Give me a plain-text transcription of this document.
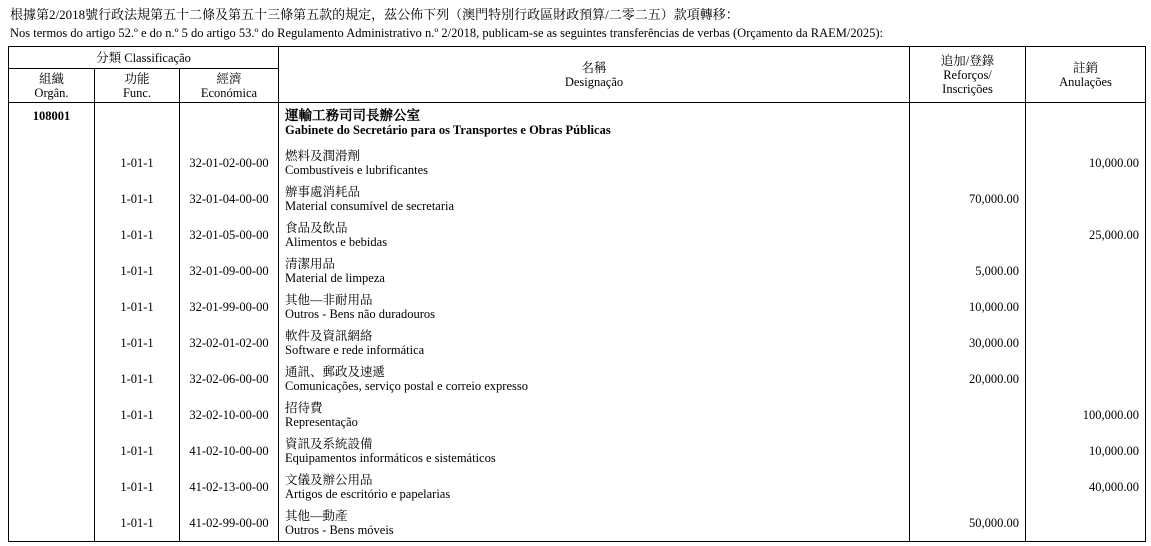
根據第2/2018號行政法規第五十二條及第五十三條第五款的規定，茲公佈下列（澳門特別行政區財政預算/二零二五）款項轉移：
Nos termos do artigo 52.º e do n.º 5 do artigo 53.º do Regulamento Administrativo n.º 2/2018, publicam-se as seguintes transferências de verbas (Orçamento da RAEM/2025):
分類 Classificação			名稱
Designação	追加/登錄
Reforços/
Inscrições	註銷
Anulações

組織
Orgân.	功能
Func.	經濟
Económica			

108001			運輸工務司司長辦公室
Gabinete do Secretário para os Transportes e Obras Públicas		

	1-01-1	32-01-02-00-00	燃料及潤滑劑
Combustíveis e lubrificantes		10,000.00
	1-01-1	32-01-04-00-00	辦事處消耗品
Material consumível de secretaria	70,000.00	
	1-01-1	32-01-05-00-00	食品及飲品
Alimentos e bebidas		25,000.00
	1-01-1	32-01-09-00-00	清潔用品
Material de limpeza	5,000.00	
	1-01-1	32-01-99-00-00	其他—非耐用品
Outros - Bens não duradouros	10,000.00	
	1-01-1	32-02-01-02-00	軟件及資訊網絡
Software e rede informática	30,000.00	
	1-01-1	32-02-06-00-00	通訊、郵政及速遞
Comunicações, serviço postal e correio expresso	20,000.00	
	1-01-1	32-02-10-00-00	招待費
Representação		100,000.00
	1-01-1	41-02-10-00-00	資訊及系統設備
Equipamentos informáticos e sistemáticos		10,000.00
	1-01-1	41-02-13-00-00	文儀及辦公用品
Artigos de escritório e papelarias		40,000.00
	1-01-1	41-02-99-00-00	其他—動產
Outros - Bens móveis	50,000.00	
